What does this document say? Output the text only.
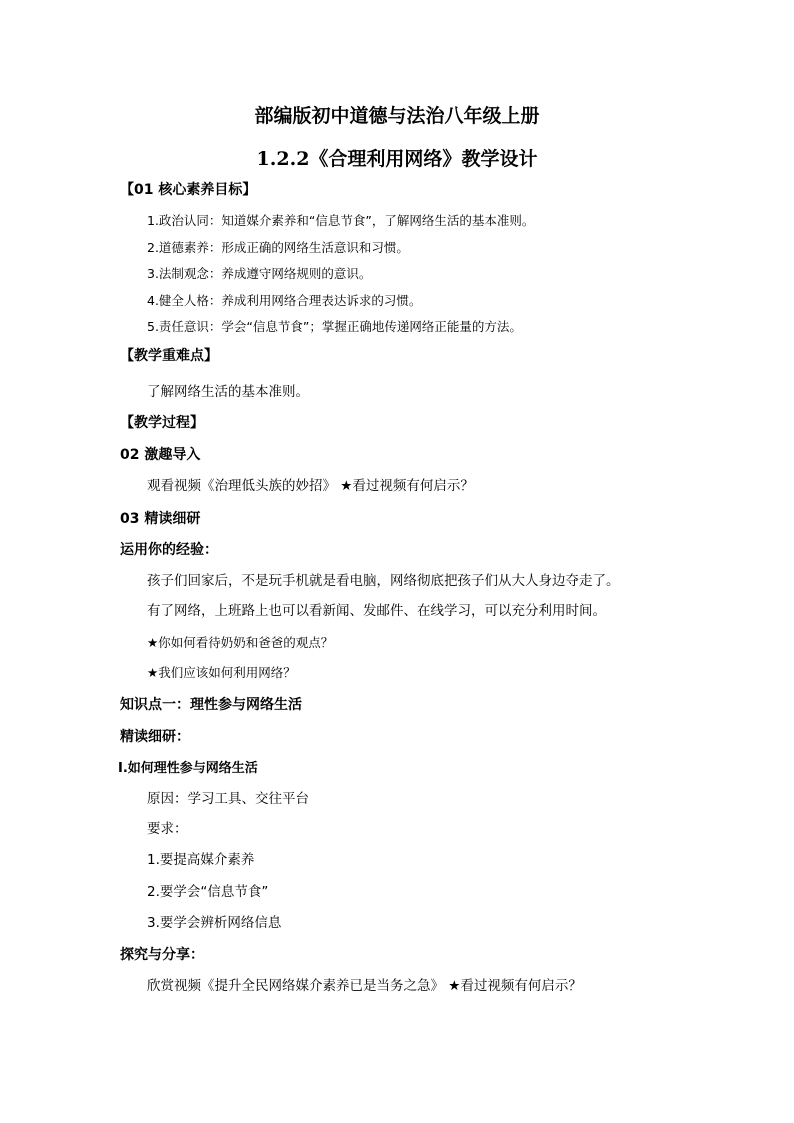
部编版初中道德与法治八年级上册
1.2.2《合理利用网络》教学设计
【01 核心素养目标】
1.政治认同：知道媒介素养和“信息节食”，了解网络生活的基本准则。
2.道德素养：形成正确的网络生活意识和习惯。
3.法制观念：养成遵守网络规则的意识。
4.健全人格：养成利用网络合理表达诉求的习惯。
5.责任意识：学会“信息节食”；掌握正确地传递网络正能量的方法。
【教学重难点】
了解网络生活的基本准则。
【教学过程】
02 激趣导入
观看视频《治理低头族的妙招》 ★看过视频有何启示？
03 精读细研
运用你的经验：
孩子们回家后，不是玩手机就是看电脑，网络彻底把孩子们从大人身边夺走了。
有了网络，上班路上也可以看新闻、发邮件、在线学习，可以充分利用时间。
★你如何看待奶奶和爸爸的观点？
★我们应该如何利用网络？
知识点一：理性参与网络生活
精读细研：
Ⅰ.如何理性参与网络生活
原因：学习工具、交往平台
要求：
1.要提高媒介素养
2.要学会“信息节食”
3.要学会辨析网络信息
探究与分享：
欣赏视频《提升全民网络媒介素养已是当务之急》 ★看过视频有何启示？
